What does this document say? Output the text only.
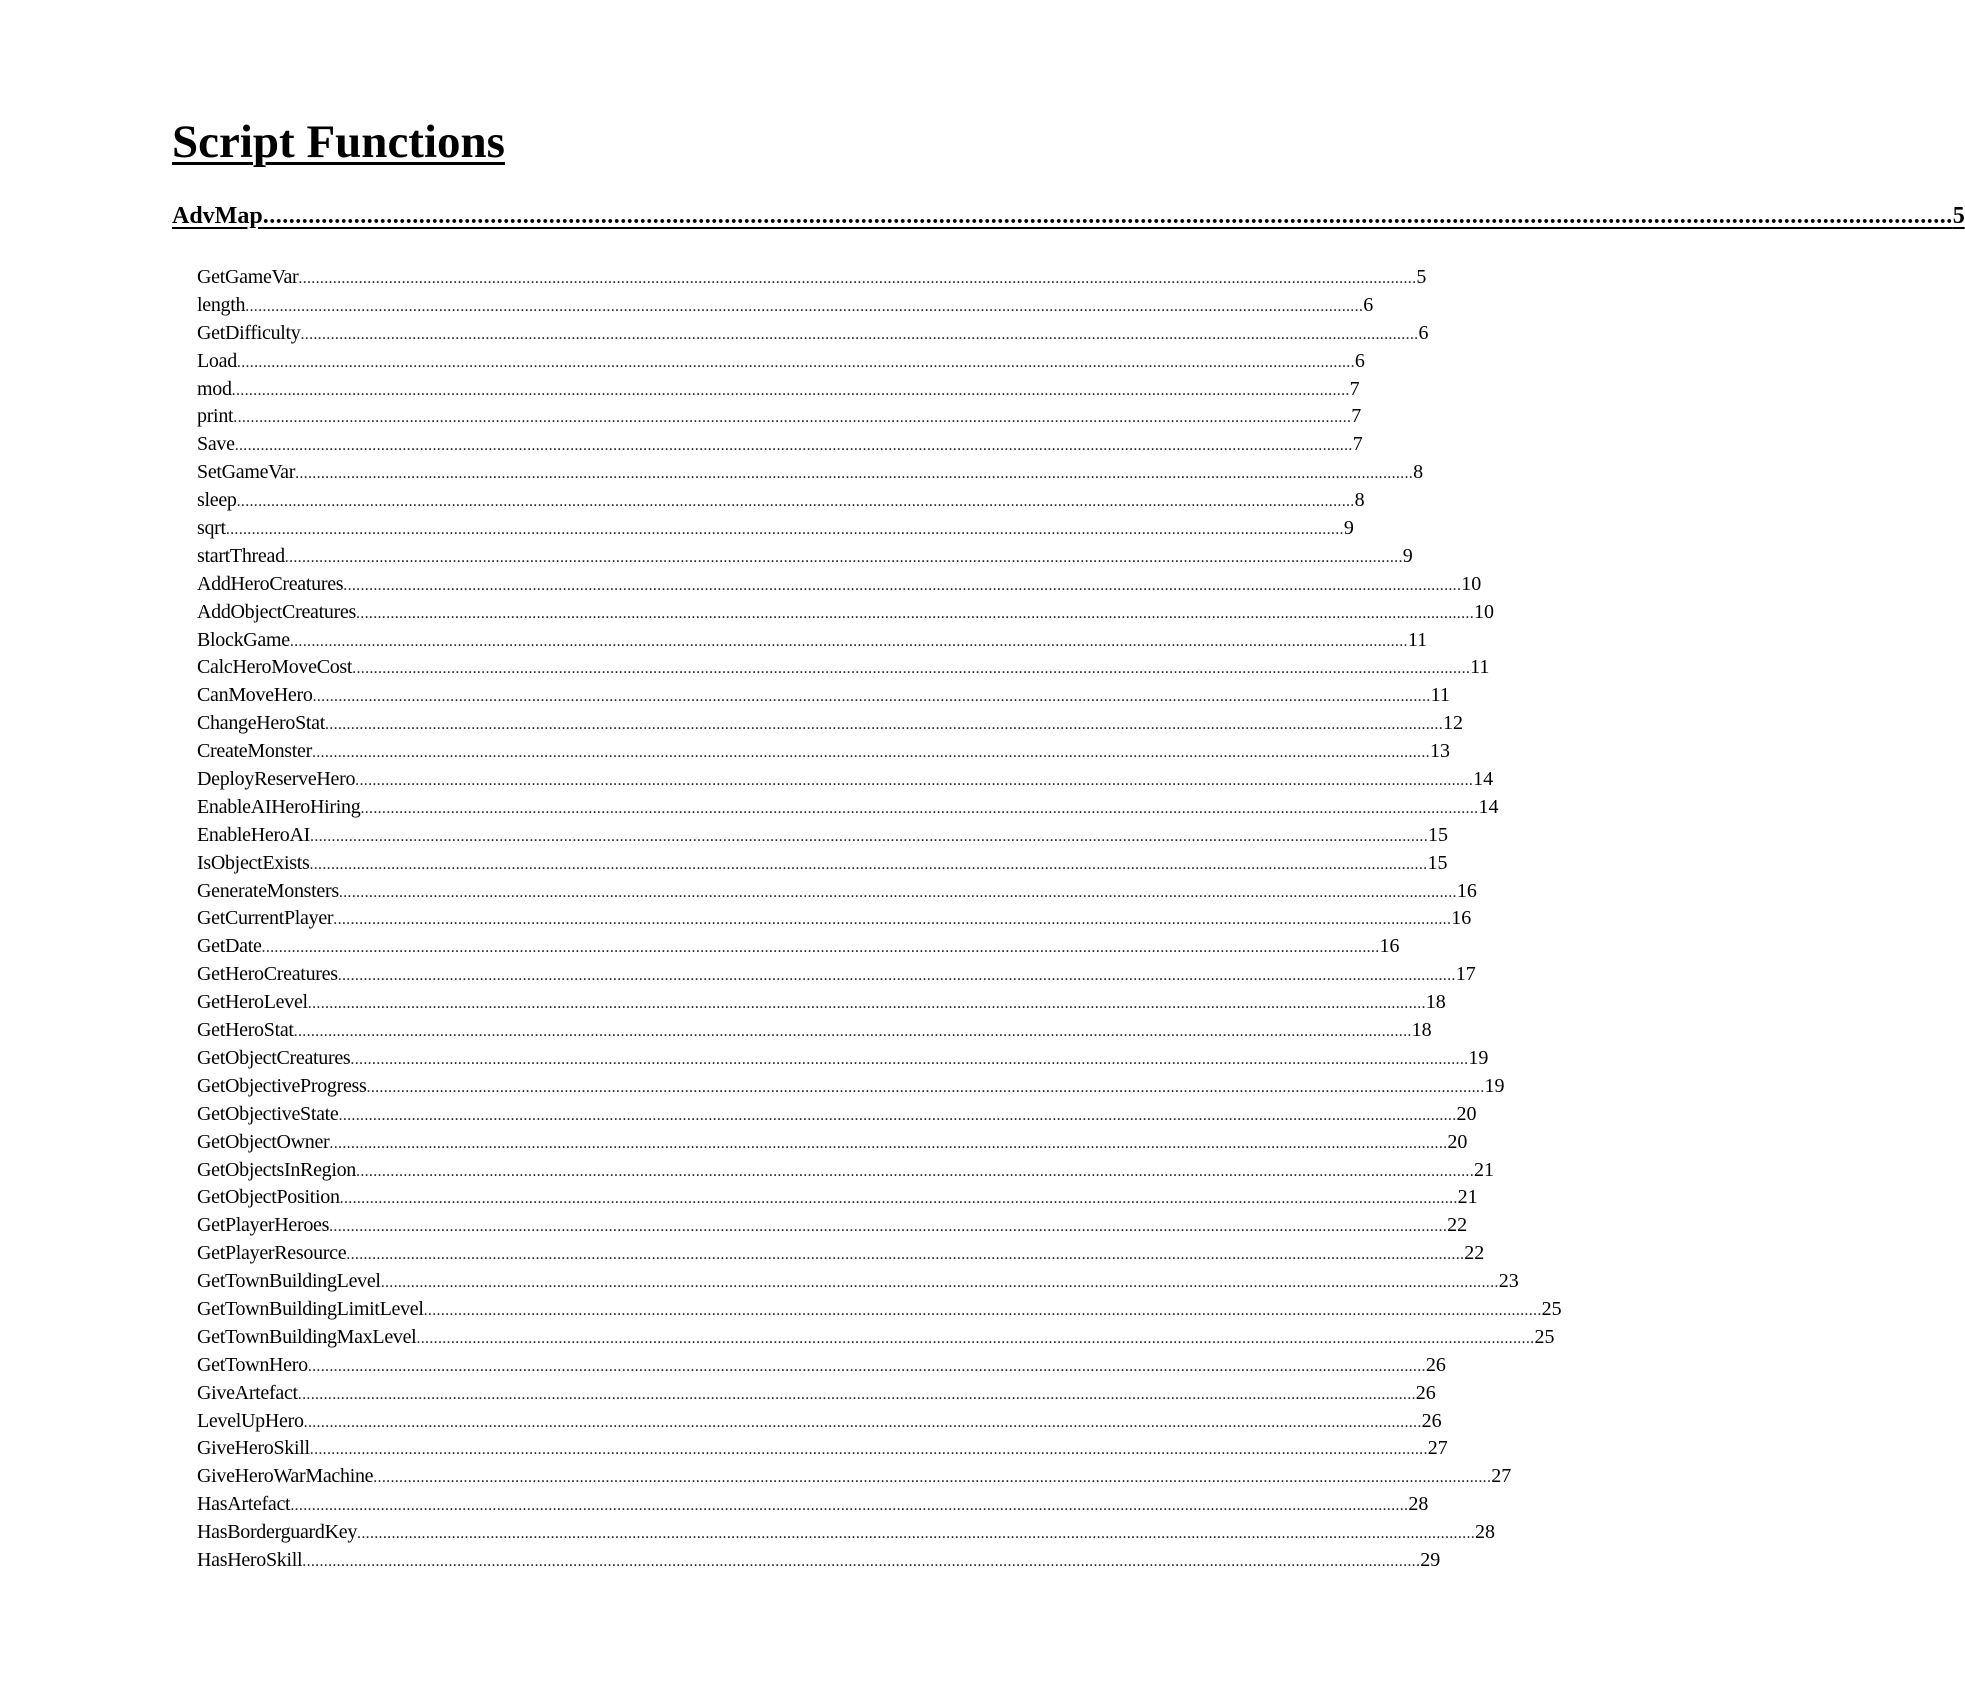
Script Functions
AdvMap .................................................................................................................................................................................................................................................................... 5
GetGameVar .................................................................................................................................................................................................................................................................... 5
length .................................................................................................................................................................................................................................................................... 6
GetDifficulty .................................................................................................................................................................................................................................................................... 6
Load .................................................................................................................................................................................................................................................................... 6
mod .................................................................................................................................................................................................................................................................... 7
print .................................................................................................................................................................................................................................................................... 7
Save .................................................................................................................................................................................................................................................................... 7
SetGameVar .................................................................................................................................................................................................................................................................... 8
sleep .................................................................................................................................................................................................................................................................... 8
sqrt .................................................................................................................................................................................................................................................................... 9
startThread .................................................................................................................................................................................................................................................................... 9
AddHeroCreatures .................................................................................................................................................................................................................................................................... 10
AddObjectCreatures .................................................................................................................................................................................................................................................................... 10
BlockGame .................................................................................................................................................................................................................................................................... 11
CalcHeroMoveCost .................................................................................................................................................................................................................................................................... 11
CanMoveHero .................................................................................................................................................................................................................................................................... 11
ChangeHeroStat .................................................................................................................................................................................................................................................................... 12
CreateMonster .................................................................................................................................................................................................................................................................... 13
DeployReserveHero .................................................................................................................................................................................................................................................................... 14
EnableAIHeroHiring .................................................................................................................................................................................................................................................................... 14
EnableHeroAI .................................................................................................................................................................................................................................................................... 15
IsObjectExists .................................................................................................................................................................................................................................................................... 15
GenerateMonsters .................................................................................................................................................................................................................................................................... 16
GetCurrentPlayer .................................................................................................................................................................................................................................................................... 16
GetDate .................................................................................................................................................................................................................................................................... 16
GetHeroCreatures .................................................................................................................................................................................................................................................................... 17
GetHeroLevel .................................................................................................................................................................................................................................................................... 18
GetHeroStat .................................................................................................................................................................................................................................................................... 18
GetObjectCreatures .................................................................................................................................................................................................................................................................... 19
GetObjectiveProgress .................................................................................................................................................................................................................................................................... 19
GetObjectiveState .................................................................................................................................................................................................................................................................... 20
GetObjectOwner .................................................................................................................................................................................................................................................................... 20
GetObjectsInRegion .................................................................................................................................................................................................................................................................... 21
GetObjectPosition .................................................................................................................................................................................................................................................................... 21
GetPlayerHeroes .................................................................................................................................................................................................................................................................... 22
GetPlayerResource .................................................................................................................................................................................................................................................................... 22
GetTownBuildingLevel .................................................................................................................................................................................................................................................................... 23
GetTownBuildingLimitLevel .................................................................................................................................................................................................................................................................... 25
GetTownBuildingMaxLevel .................................................................................................................................................................................................................................................................... 25
GetTownHero .................................................................................................................................................................................................................................................................... 26
GiveArtefact .................................................................................................................................................................................................................................................................... 26
LevelUpHero .................................................................................................................................................................................................................................................................... 26
GiveHeroSkill .................................................................................................................................................................................................................................................................... 27
GiveHeroWarMachine .................................................................................................................................................................................................................................................................... 27
HasArtefact .................................................................................................................................................................................................................................................................... 28
HasBorderguardKey .................................................................................................................................................................................................................................................................... 28
HasHeroSkill .................................................................................................................................................................................................................................................................... 29
